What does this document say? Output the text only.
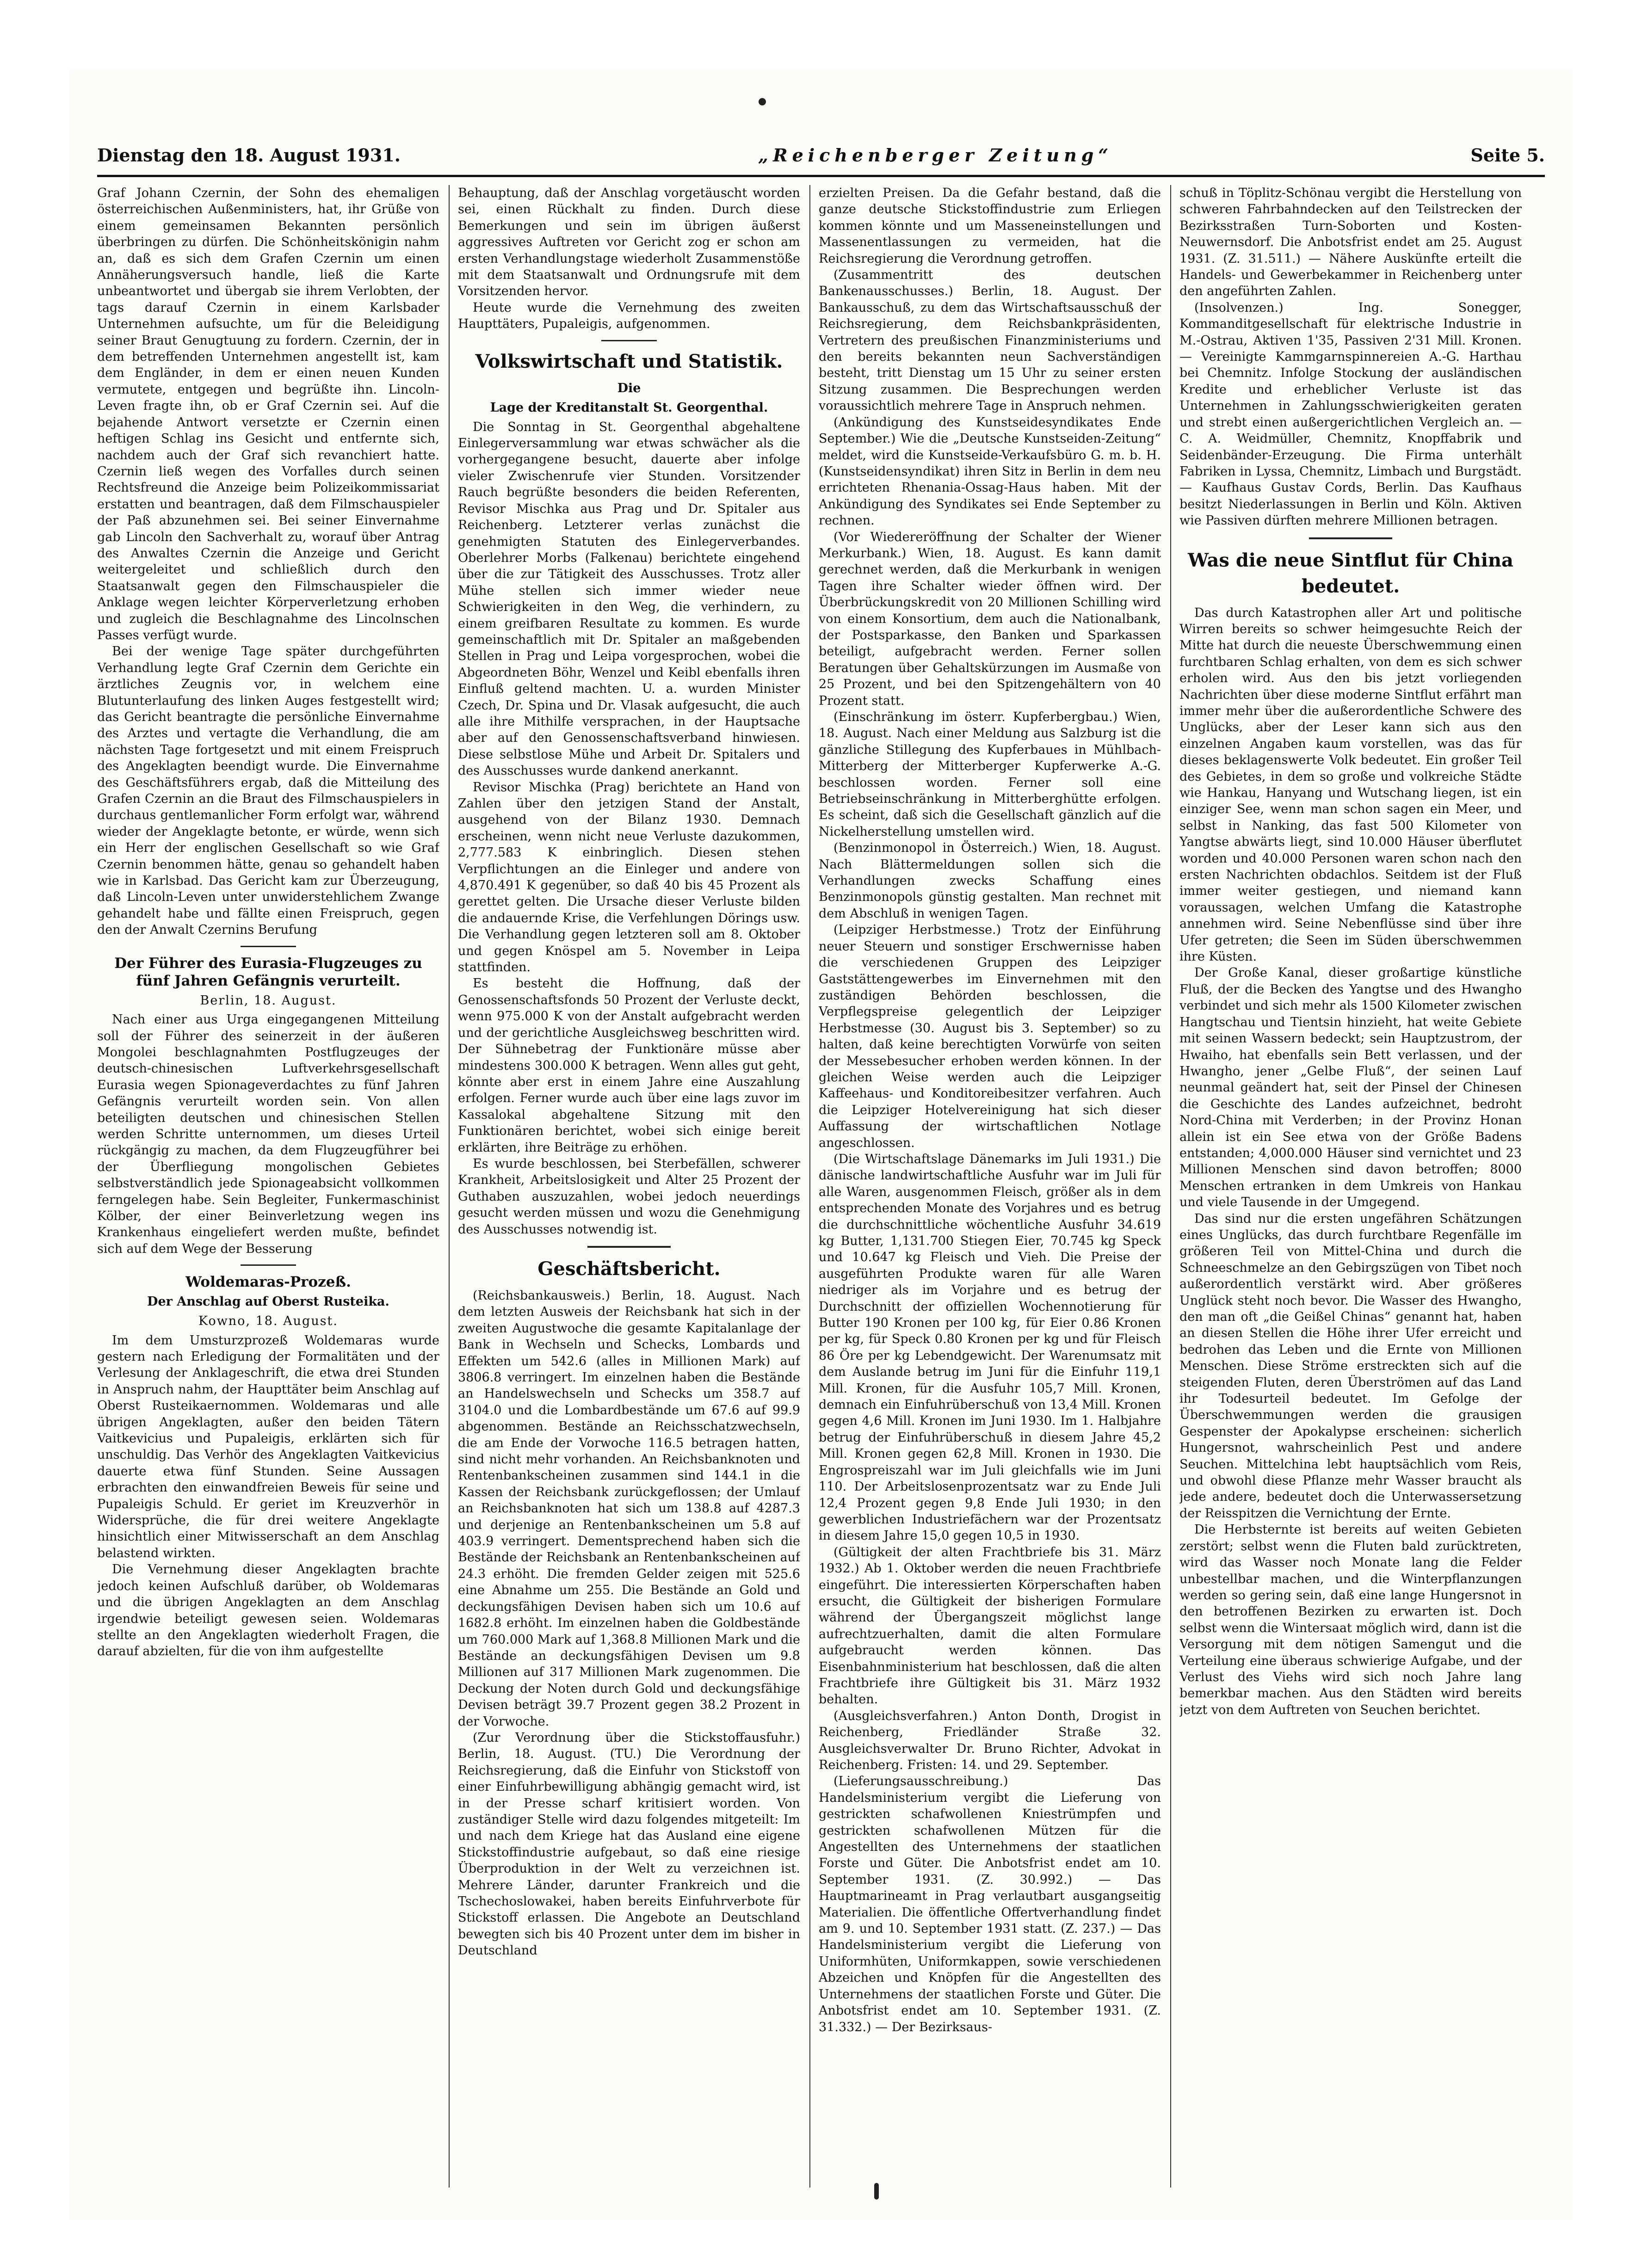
Dienstag den 18. August 1931.	„Reichenberger Zeitung“	Seite 5.

Graf Johann Czernin, der Sohn des ehemaligen österreichischen Außenministers, hat, ihr Grüße von einem gemeinsamen Bekannten persönlich überbringen zu dürfen. Die Schönheitskönigin nahm an, daß es sich dem Grafen Czernin um einen Annäherungsversuch handle, ließ die Karte unbeantwortet und übergab sie ihrem Verlobten, der tags darauf Czernin in einem Karlsbader Unternehmen aufsuchte, um für die Beleidigung seiner Braut Genugtuung zu fordern. Czernin, der in dem betreffenden Unternehmen angestellt ist, kam dem Engländer, in dem er einen neuen Kunden vermutete, entgegen und begrüßte ihn. Lincoln-Leven fragte ihn, ob er Graf Czernin sei. Auf die bejahende Antwort versetzte er Czernin einen heftigen Schlag ins Gesicht und entfernte sich, nachdem auch der Graf sich revanchiert hatte. Czernin ließ wegen des Vorfalles durch seinen Rechtsfreund die Anzeige beim Polizeikommissariat erstatten und beantragen, daß dem Filmschauspieler der Paß abzunehmen sei. Bei seiner Einvernahme gab Lincoln den Sachverhalt zu, worauf über Antrag des Anwaltes Czernin die Anzeige und Gericht weitergeleitet und schließlich durch den Staatsanwalt gegen den Filmschauspieler die Anklage wegen leichter Körperverletzung erhoben und zugleich die Beschlagnahme des Lincolnschen Passes verfügt wurde.

Bei der wenige Tage später durchgeführten Verhandlung legte Graf Czernin dem Gerichte ein ärztliches Zeugnis vor, in welchem eine Blutunterlaufung des linken Auges festgestellt wird; das Gericht beantragte die persönliche Einvernahme des Arztes und vertagte die Verhandlung, die am nächsten Tage fortgesetzt und mit einem Freispruch des Angeklagten beendigt wurde. Die Einvernahme des Geschäftsführers ergab, daß die Mitteilung des Grafen Czernin an die Braut des Filmschauspielers in durchaus gentlemanlicher Form erfolgt war, während wieder der Angeklagte betonte, er würde, wenn sich ein Herr der englischen Gesellschaft so wie Graf Czernin benommen hätte, genau so gehandelt haben wie in Karlsbad. Das Gericht kam zur Überzeugung, daß Lincoln-Leven unter unwiderstehlichem Zwange gehandelt habe und fällte einen Freispruch, gegen den der Anwalt Czernins Berufung

Der Führer des Eurasia-Flugzeuges zu fünf Jahren Gefängnis verurteilt.
Berlin, 18. August.

Nach einer aus Urga eingegangenen Mitteilung soll der Führer des seinerzeit in der äußeren Mongolei beschlagnahmten Postflugzeuges der deutsch-chinesischen Luftverkehrsgesellschaft Eurasia wegen Spionageverdachtes zu fünf Jahren Gefängnis verurteilt worden sein. Von allen beteiligten deutschen und chinesischen Stellen werden Schritte unternommen, um dieses Urteil rückgängig zu machen, da dem Flugzeugführer bei der Überfliegung mongolischen Gebietes selbstverständlich jede Spionageabsicht vollkommen ferngelegen habe. Sein Begleiter, Funkermaschinist Kölber, der einer Beinverletzung wegen ins Krankenhaus eingeliefert werden mußte, befindet sich auf dem Wege der Besserung

Woldemaras-Prozeß.
Der Anschlag auf Oberst Rusteika.
Kowno, 18. August.

Im dem Umsturzprozeß Woldemaras wurde gestern nach Erledigung der Formalitäten und der Verlesung der Anklageschrift, die etwa drei Stunden in Anspruch nahm, der Haupttäter beim Anschlag auf Oberst Rusteikaernommen. Woldemaras und alle übrigen Angeklagten, außer den beiden Tätern Vaitkevicius und Pupaleigis, erklärten sich für unschuldig. Das Verhör des Angeklagten Vaitkevicius dauerte etwa fünf Stunden. Seine Aussagen erbrachten den einwandfreien Beweis für seine und Pupaleigis Schuld. Er geriet im Kreuzverhör in Widersprüche, die für drei weitere Angeklagte hinsichtlich einer Mitwisserschaft an dem Anschlag belastend wirkten.

Die Vernehmung dieser Angeklagten brachte jedoch keinen Aufschluß darüber, ob Woldemaras und die übrigen Angeklagten an dem Anschlag irgendwie beteiligt gewesen seien. Woldemaras stellte an den Angeklagten wiederholt Fragen, die darauf abzielten, für die von ihm aufgestellte

Behauptung, daß der Anschlag vorgetäuscht worden sei, einen Rückhalt zu finden. Durch diese Bemerkungen und sein im übrigen äußerst aggressives Auftreten vor Gericht zog er schon am ersten Verhandlungstage wiederholt Zusammenstöße mit dem Staatsanwalt und Ordnungsrufe mit dem Vorsitzenden hervor.

Heute wurde die Vernehmung des zweiten Haupttäters, Pupaleigis, aufgenommen.

Volkswirtschaft und Statistik.
Die
Lage der Kreditanstalt St. Georgenthal.

Die Sonntag in St. Georgenthal abgehaltene Einlegerversammlung war etwas schwächer als die vorhergegangene besucht, dauerte aber infolge vieler Zwischenrufe vier Stunden. Vorsitzender Rauch begrüßte besonders die beiden Referenten, Revisor Mischka aus Prag und Dr. Spitaler aus Reichenberg. Letzterer verlas zunächst die genehmigten Statuten des Einlegerverbandes. Oberlehrer Morbs (Falkenau) berichtete eingehend über die zur Tätigkeit des Ausschusses. Trotz aller Mühe stellen sich immer wieder neue Schwierigkeiten in den Weg, die verhindern, zu einem greifbaren Resultate zu kommen. Es wurde gemeinschaftlich mit Dr. Spitaler an maßgebenden Stellen in Prag und Leipa vorgesprochen, wobei die Abgeordneten Böhr, Wenzel und Keibl ebenfalls ihren Einfluß geltend machten. U. a. wurden Minister Czech, Dr. Spina und Dr. Vlasak aufgesucht, die auch alle ihre Mithilfe versprachen, in der Hauptsache aber auf den Genossenschaftsverband hinwiesen. Diese selbstlose Mühe und Arbeit Dr. Spitalers und des Ausschusses wurde dankend anerkannt.

Revisor Mischka (Prag) berichtete an Hand von Zahlen über den jetzigen Stand der Anstalt, ausgehend von der Bilanz 1930. Demnach erscheinen, wenn nicht neue Verluste dazukommen, 2,777.583 K einbringlich. Diesen stehen Verpflichtungen an die Einleger und andere von 4,870.491 K gegenüber, so daß 40 bis 45 Prozent als gerettet gelten. Die Ursache dieser Verluste bilden die andauernde Krise, die Verfehlungen Dörings usw. Die Verhandlung gegen letzteren soll am 8. Oktober und gegen Knöspel am 5. November in Leipa stattfinden.

Es besteht die Hoffnung, daß der Genossenschaftsfonds 50 Prozent der Verluste deckt, wenn 975.000 K von der Anstalt aufgebracht werden und der gerichtliche Ausgleichsweg beschritten wird. Der Sühnebetrag der Funktionäre müsse aber mindestens 300.000 K betragen. Wenn alles gut geht, könnte aber erst in einem Jahre eine Auszahlung erfolgen. Ferner wurde auch über eine lags zuvor im Kassalokal abgehaltene Sitzung mit den Funktionären berichtet, wobei sich einige bereit erklärten, ihre Beiträge zu erhöhen.

Es wurde beschlossen, bei Sterbefällen, schwerer Krankheit, Arbeitslosigkeit und Alter 25 Prozent der Guthaben auszuzahlen, wobei jedoch neuerdings gesucht werden müssen und wozu die Genehmigung des Ausschusses notwendig ist.

Geschäftsbericht.

(Reichsbankausweis.) Berlin, 18. August. Nach dem letzten Ausweis der Reichsbank hat sich in der zweiten Augustwoche die gesamte Kapitalanlage der Bank in Wechseln und Schecks, Lombards und Effekten um 542.6 (alles in Millionen Mark) auf 3806.8 verringert. Im einzelnen haben die Bestände an Handelswechseln und Schecks um 358.7 auf 3104.0 und die Lombardbestände um 67.6 auf 99.9 abgenommen. Bestände an Reichsschatzwechseln, die am Ende der Vorwoche 116.5 betragen hatten, sind nicht mehr vorhanden. An Reichsbanknoten und Rentenbankscheinen zusammen sind 144.1 in die Kassen der Reichsbank zurückgeflossen; der Umlauf an Reichsbanknoten hat sich um 138.8 auf 4287.3 und derjenige an Rentenbankscheinen um 5.8 auf 403.9 verringert. Dementsprechend haben sich die Bestände der Reichsbank an Rentenbankscheinen auf 24.3 erhöht. Die fremden Gelder zeigen mit 525.6 eine Abnahme um 255. Die Bestände an Gold und deckungsfähigen Devisen haben sich um 10.6 auf 1682.8 erhöht. Im einzelnen haben die Goldbestände um 760.000 Mark auf 1,368.8 Millionen Mark und die Bestände an deckungsfähigen Devisen um 9.8 Millionen auf 317 Millionen Mark zugenommen. Die Deckung der Noten durch Gold und deckungsfähige Devisen beträgt 39.7 Prozent gegen 38.2 Prozent in der Vorwoche.

(Zur Verordnung über die Stickstoffausfuhr.) Berlin, 18. August. (TU.) Die Verordnung der Reichsregierung, daß die Einfuhr von Stickstoff von einer Einfuhrbewilligung abhängig gemacht wird, ist in der Presse scharf kritisiert worden. Von zuständiger Stelle wird dazu folgendes mitgeteilt: Im und nach dem Kriege hat das Ausland eine eigene Stickstoffindustrie aufgebaut, so daß eine riesige Überproduktion in der Welt zu verzeichnen ist. Mehrere Länder, darunter Frankreich und die Tschechoslowakei, haben bereits Einfuhrverbote für Stickstoff erlassen. Die Angebote an Deutschland bewegten sich bis 40 Prozent unter dem im bisher in Deutschland

erzielten Preisen. Da die Gefahr bestand, daß die ganze deutsche Stickstoffindustrie zum Erliegen kommen könnte und um Masseneinstellungen und Massenentlassungen zu vermeiden, hat die Reichsregierung die Verordnung getroffen.

(Zusammentritt des deutschen Bankenausschusses.) Berlin, 18. August. Der Bankausschuß, zu dem das Wirtschaftsausschuß der Reichsregierung, dem Reichsbankpräsidenten, Vertretern des preußischen Finanzministeriums und den bereits bekannten neun Sachverständigen besteht, tritt Dienstag um 15 Uhr zu seiner ersten Sitzung zusammen. Die Besprechungen werden voraussichtlich mehrere Tage in Anspruch nehmen.

(Ankündigung des Kunstseidesyndikates Ende September.) Wie die „Deutsche Kunstseiden-Zeitung“ meldet, wird die Kunstseide-Verkaufsbüro G. m. b. H. (Kunstseidensyndikat) ihren Sitz in Berlin in dem neu errichteten Rhenania-Ossag-Haus haben. Mit der Ankündigung des Syndikates sei Ende September zu rechnen.

(Vor Wiedereröffnung der Schalter der Wiener Merkurbank.) Wien, 18. August. Es kann damit gerechnet werden, daß die Merkurbank in wenigen Tagen ihre Schalter wieder öffnen wird. Der Überbrückungskredit von 20 Millionen Schilling wird von einem Konsortium, dem auch die Nationalbank, der Postsparkasse, den Banken und Sparkassen beteiligt, aufgebracht werden. Ferner sollen Beratungen über Gehaltskürzungen im Ausmaße von 25 Prozent, und bei den Spitzengehältern von 40 Prozent statt.

(Einschränkung im österr. Kupferbergbau.) Wien, 18. August. Nach einer Meldung aus Salzburg ist die gänzliche Stillegung des Kupferbaues in Mühlbach-Mitterberg der Mitterberger Kupferwerke A.-G. beschlossen worden. Ferner soll eine Betriebseinschränkung in Mitterberghütte erfolgen. Es scheint, daß sich die Gesellschaft gänzlich auf die Nickelherstellung umstellen wird.

(Benzinmonopol in Österreich.) Wien, 18. August. Nach Blättermeldungen sollen sich die Verhandlungen zwecks Schaffung eines Benzinmonopols günstig gestalten. Man rechnet mit dem Abschluß in wenigen Tagen.

(Leipziger Herbstmesse.) Trotz der Einführung neuer Steuern und sonstiger Erschwernisse haben die verschiedenen Gruppen des Leipziger Gaststättengewerbes im Einvernehmen mit den zuständigen Behörden beschlossen, die Verpflegspreise gelegentlich der Leipziger Herbstmesse (30. August bis 3. September) so zu halten, daß keine berechtigten Vorwürfe von seiten der Messebesucher erhoben werden können. In der gleichen Weise werden auch die Leipziger Kaffeehaus- und Konditoreibesitzer verfahren. Auch die Leipziger Hotelvereinigung hat sich dieser Auffassung der wirtschaftlichen Notlage angeschlossen.

(Die Wirtschaftslage Dänemarks im Juli 1931.) Die dänische landwirtschaftliche Ausfuhr war im Juli für alle Waren, ausgenommen Fleisch, größer als in dem entsprechenden Monate des Vorjahres und es betrug die durchschnittliche wöchentliche Ausfuhr 34.619 kg Butter, 1,131.700 Stiegen Eier, 70.745 kg Speck und 10.647 kg Fleisch und Vieh. Die Preise der ausgeführten Produkte waren für alle Waren niedriger als im Vorjahre und es betrug der Durchschnitt der offiziellen Wochennotierung für Butter 190 Kronen per 100 kg, für Eier 0.86 Kronen per kg, für Speck 0.80 Kronen per kg und für Fleisch 86 Öre per kg Lebendgewicht. Der Warenumsatz mit dem Auslande betrug im Juni für die Einfuhr 119,1 Mill. Kronen, für die Ausfuhr 105,7 Mill. Kronen, demnach ein Einfuhrüberschuß von 13,4 Mill. Kronen gegen 4,6 Mill. Kronen im Juni 1930. Im 1. Halbjahre betrug der Einfuhrüberschuß in diesem Jahre 45,2 Mill. Kronen gegen 62,8 Mill. Kronen in 1930. Die Engrospreiszahl war im Juli gleichfalls wie im Juni 110. Der Arbeitslosenprozentsatz war zu Ende Juli 12,4 Prozent gegen 9,8 Ende Juli 1930; in den gewerblichen Industriefächern war der Prozentsatz in diesem Jahre 15,0 gegen 10,5 in 1930.

(Gültigkeit der alten Frachtbriefe bis 31. März 1932.) Ab 1. Oktober werden die neuen Frachtbriefe eingeführt. Die interessierten Körperschaften haben ersucht, die Gültigkeit der bisherigen Formulare während der Übergangszeit möglichst lange aufrechtzuerhalten, damit die alten Formulare aufgebraucht werden können. Das Eisenbahnministerium hat beschlossen, daß die alten Frachtbriefe ihre Gültigkeit bis 31. März 1932 behalten.

(Ausgleichsverfahren.) Anton Donth, Drogist in Reichenberg, Friedländer Straße 32. Ausgleichsverwalter Dr. Bruno Richter, Advokat in Reichenberg. Fristen: 14. und 29. September.

(Lieferungsausschreibung.) Das Handelsministerium vergibt die Lieferung von gestrickten schafwollenen Kniestrümpfen und gestrickten schafwollenen Mützen für die Angestellten des Unternehmens der staatlichen Forste und Güter. Die Anbotsfrist endet am 10. September 1931. (Z. 30.992.) — Das Hauptmarineamt in Prag verlautbart ausgangseitig Materialien. Die öffentliche Offertverhandlung findet am 9. und 10. September 1931 statt. (Z. 237.) — Das Handelsministerium vergibt die Lieferung von Uniformhüten, Uniformkappen, sowie verschiedenen Abzeichen und Knöpfen für die Angestellten des Unternehmens der staatlichen Forste und Güter. Die Anbotsfrist endet am 10. September 1931. (Z. 31.332.) — Der Bezirksaus-

schuß in Töplitz-Schönau vergibt die Herstellung von schweren Fahrbahndecken auf den Teilstrecken der Bezirksstraßen Turn-Soborten und Kosten-Neuwernsdorf. Die Anbotsfrist endet am 25. August 1931. (Z. 31.511.) — Nähere Auskünfte erteilt die Handels- und Gewerbekammer in Reichenberg unter den angeführten Zahlen.

(Insolvenzen.) Ing. Sonegger, Kommanditgesellschaft für elektrische Industrie in M.-Ostrau, Aktiven 1'35, Passiven 2'31 Mill. Kronen. — Vereinigte Kammgarnspinnereien A.-G. Harthau bei Chemnitz. Infolge Stockung der ausländischen Kredite und erheblicher Verluste ist das Unternehmen in Zahlungsschwierigkeiten geraten und strebt einen außergerichtlichen Vergleich an. — C. A. Weidmüller, Chemnitz, Knopffabrik und Seidenbänder-Erzeugung. Die Firma unterhält Fabriken in Lyssa, Chemnitz, Limbach und Burgstädt. — Kaufhaus Gustav Cords, Berlin. Das Kaufhaus besitzt Niederlassungen in Berlin und Köln. Aktiven wie Passiven dürften mehrere Millionen betragen.

Was die neue Sintflut für China bedeutet.

Das durch Katastrophen aller Art und politische Wirren bereits so schwer heimgesuchte Reich der Mitte hat durch die neueste Überschwemmung einen furchtbaren Schlag erhalten, von dem es sich schwer erholen wird. Aus den bis jetzt vorliegenden Nachrichten über diese moderne Sintflut erfährt man immer mehr über die außerordentliche Schwere des Unglücks, aber der Leser kann sich aus den einzelnen Angaben kaum vorstellen, was das für dieses beklagenswerte Volk bedeutet. Ein großer Teil des Gebietes, in dem so große und volkreiche Städte wie Hankau, Hanyang und Wutschang liegen, ist ein einziger See, wenn man schon sagen ein Meer, und selbst in Nanking, das fast 500 Kilometer von Yangtse abwärts liegt, sind 10.000 Häuser überflutet worden und 40.000 Personen waren schon nach den ersten Nachrichten obdachlos. Seitdem ist der Fluß immer weiter gestiegen, und niemand kann voraussagen, welchen Umfang die Katastrophe annehmen wird. Seine Nebenflüsse sind über ihre Ufer getreten; die Seen im Süden überschwemmen ihre Küsten.

Der Große Kanal, dieser großartige künstliche Fluß, der die Becken des Yangtse und des Hwangho verbindet und sich mehr als 1500 Kilometer zwischen Hangtschau und Tientsin hinzieht, hat weite Gebiete mit seinen Wassern bedeckt; sein Hauptzustrom, der Hwaiho, hat ebenfalls sein Bett verlassen, und der Hwangho, jener „Gelbe Fluß“, der seinen Lauf neunmal geändert hat, seit der Pinsel der Chinesen die Geschichte des Landes aufzeichnet, bedroht Nord-China mit Verderben; in der Provinz Honan allein ist ein See etwa von der Größe Badens entstanden; 4,000.000 Häuser sind vernichtet und 23 Millionen Menschen sind davon betroffen; 8000 Menschen ertranken in dem Umkreis von Hankau und viele Tausende in der Umgegend.

Das sind nur die ersten ungefähren Schätzungen eines Unglücks, das durch furchtbare Regenfälle im größeren Teil von Mittel-China und durch die Schneeschmelze an den Gebirgszügen von Tibet noch außerordentlich verstärkt wird. Aber größeres Unglück steht noch bevor. Die Wasser des Hwangho, den man oft „die Geißel Chinas“ genannt hat, haben an diesen Stellen die Höhe ihrer Ufer erreicht und bedrohen das Leben und die Ernte von Millionen Menschen. Diese Ströme erstreckten sich auf die steigenden Fluten, deren Überströmen auf das Land ihr Todesurteil bedeutet. Im Gefolge der Überschwemmungen werden die grausigen Gespenster der Apokalypse erscheinen: sicherlich Hungersnot, wahrscheinlich Pest und andere Seuchen. Mittelchina lebt hauptsächlich vom Reis, und obwohl diese Pflanze mehr Wasser braucht als jede andere, bedeutet doch die Unterwassersetzung der Reisspitzen die Vernichtung der Ernte.

Die Herbsternte ist bereits auf weiten Gebieten zerstört; selbst wenn die Fluten bald zurücktreten, wird das Wasser noch Monate lang die Felder unbestellbar machen, und die Winterpflanzungen werden so gering sein, daß eine lange Hungersnot in den betroffenen Bezirken zu erwarten ist. Doch selbst wenn die Wintersaat möglich wird, dann ist die Versorgung mit dem nötigen Samengut und die Verteilung eine überaus schwierige Aufgabe, und der Verlust des Viehs wird sich noch Jahre lang bemerkbar machen. Aus den Städten wird bereits jetzt von dem Auftreten von Seuchen berichtet.
